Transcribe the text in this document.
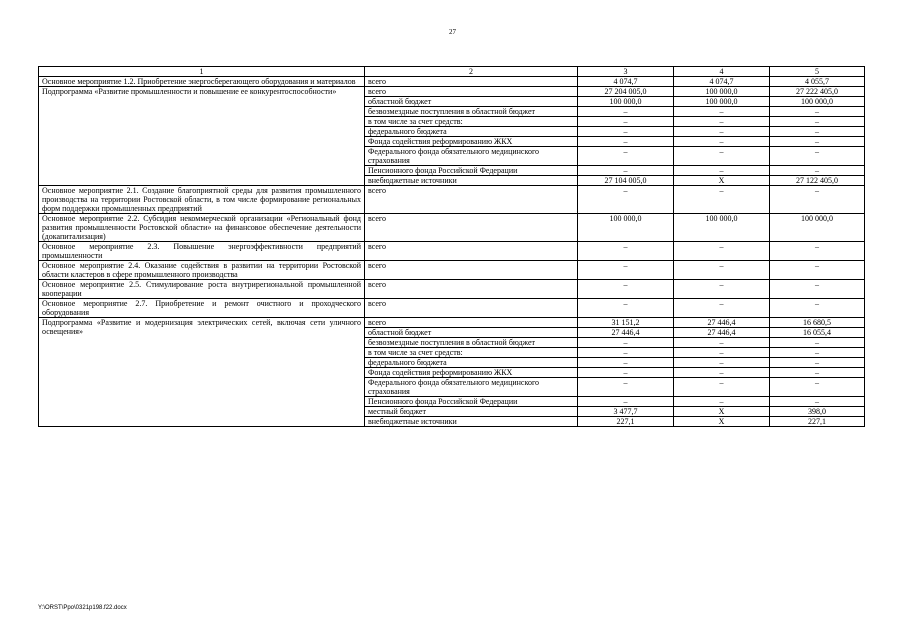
27
1	2	3	4	5
Основное мероприятие 1.2. Приобретение энергосберегающего оборудования и материалов	всего	4 074,7	4 074,7	4 055,7
Подпрограмма «Развитие промышленности и повышение ее конкурентоспособности»	всего	27 204 005,0	100 000,0	27 222 405,0
	областной бюджет	100 000,0	100 000,0	100 000,0
	безвозмездные поступления в областной бюджет	–	–	–
	в том числе за счет средств:	–	–	–
	федерального бюджета	–	–	–
	Фонда содействия реформированию ЖКХ	–	–	–
	Федерального фонда обязательного медицинского страхования	–	–	–
	Пенсионного фонда Российской Федерации	–	–	–
	внебюджетные источники	27 104 005,0	Х	27 122 405,0
Основное мероприятие 2.1. Создание благоприятной среды для развития промышленного производства на территории Ростовской области, в том числе формирование региональных форм поддержки промышленных предприятий	всего	–	–	–
Основное мероприятие 2.2. Субсидия некоммерческой организации «Региональный фонд развития промышленности Ростовской области» на финансовое обеспечение деятельности (докапитализация)	всего	100 000,0	100 000,0	100 000,0
Основное мероприятие 2.3. Повышение энергоэффективности предприятий промышленности	всего	–	–	–
Основное мероприятие 2.4. Оказание содействия в развитии на территории Ростовской области кластеров в сфере промышленного производства	всего	–	–	–
Основное мероприятие 2.5. Стимулирование роста внутрирегиональной промышленной кооперации	всего	–	–	–
Основное мероприятие 2.7. Приобретение и ремонт очистного и проходческого оборудования	всего	–	–	–
Подпрограмма «Развитие и модернизация электрических сетей, включая сети уличного освещения»	всего	31 151,2	27 446,4	16 680,5
	областной бюджет	27 446,4	27 446,4	16 055,4
	безвозмездные поступления в областной бюджет	–	–	–
	в том числе за счет средств:	–	–	–
	федерального бюджета	–	–	–
	Фонда содействия реформированию ЖКХ	–	–	–
	Федерального фонда обязательного медицинского страхования	–	–	–
	Пенсионного фонда Российской Федерации	–	–	–
	местный бюджет	3 477,7	Х	398,0
	внебюджетные источники	227,1	Х	227,1
Y:\ORST\Ppo\0321p198.f22.docx
